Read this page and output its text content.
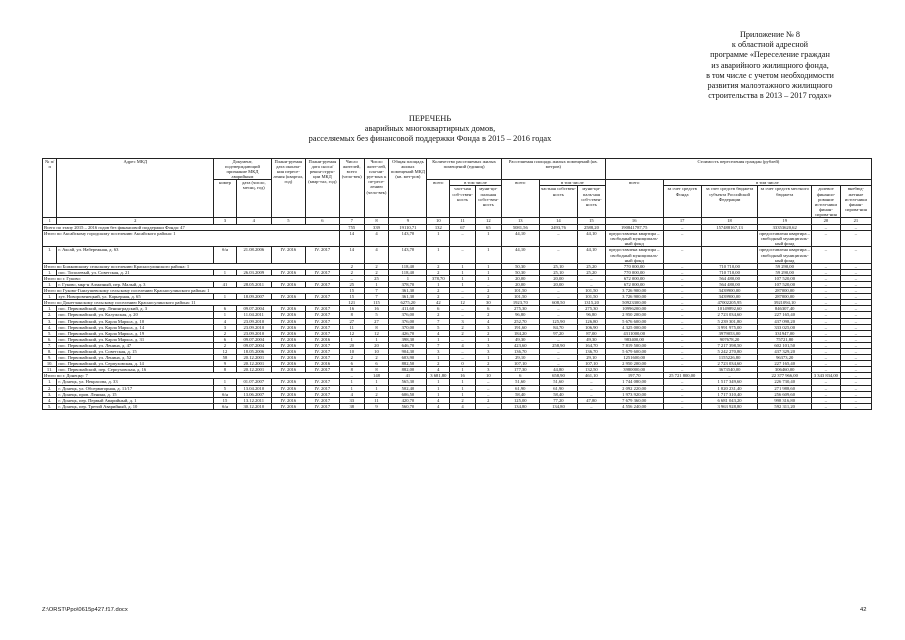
Приложение № 8
к областной адресной
программе «Переселение граждан
из аварийного жилищного фонда,
в том числе с учетом необходимости
развития малоэтажного жилищного
строительства в 2013 – 2017 годах»
ПЕРЕЧЕНЬ
аварийных многоквартирных домов,
расселяемых без финансовой поддержки Фонда в 2015 – 2016 годах
№ п/п	Адрес МКД	Документ, подтверждающий признание МКД аварийным		Плани-руемая дата оконча-ния пересе-ления (квартал, год)	Плани-руемая дата сноса/ рекон-струк-ции МКД (квар-тал, год)	Число жителей, всего (чело-век)	Число жите-лей, пла-ни-руе-мых к пе-ресе-лению (чело-век)	Общая площадь жилых помещений МКД (кв. мет-ров)	Количество расселяемых жилых помещений (единиц)			Расселяемая площадь жилых помещений (кв. метров)			Стоимость переселения граждан (рублей)					
		номер	дата (число, месяц, год)						всего	в том числе		всего	в том числе		всего	в том числе				
										част-ная соб-ствен-ность	муни-ци-пальная собст-вен-ность		частная собствен-ность	муни-ци-паль-ная соб-ствен-ность		за счет средств Фонда	за счет средств бюджета субъекта Российской Федерации	за счет средств местного бюджета	долевое финанси-рование источ-ники финан-сирова-ния	внебюд-жетные источ-ники финан-сирова-ния
1	2	3	4	5	6	7	8	9	10	11	12	13	14	15	16	17	18	19	20	21
Всего по этапу 2015 – 2016 годов без финансовой поддержки Фонда: 47						755	339	19110,71	132	67	65	5081,56	2493,76	2588,20	190841787,75	–	157488167,13	33353620,62	–	–
Итого по Аксайскому городскому поселению Аксайского района: 1						14	4	143,70	1	–	1	44,10	–	44,10	предоставлена квартира – свободный муниципаль-ный фонд	–		предоставлена квартира – свободный муниципаль-ный фонд	–	–
1.	г. Аксай, ул. Набережная, д. 63	б/н	21.08.2006	IV. 2016	IV. 2017	14	4	143,70	1	–	1	44,10	–	44,10	предоставлена квартира – свободный муниципаль-ный фонд	–		предоставлена квартира – свободный муниципаль-ный фонд	–	–
Итого по Божковскому сельскому поселению Красносулинского района: 1						2	2	118,40	2	1	1	50,30	25,10	25,20	770 000,00	–	710 710,00	59 290,00	–	–
1.	пос. Тополевый, ул. Советская, д. 21	1	26.03.2009	IV. 2016	IV. 2017	2	2	118,40	2	1	1	50,30	25,10	25,20	770 000,00	–	710 710,00	59 290,00	–	–
Итого по г. Гуково:						–	25	1	378,70	1	1	20,00	20,00	–	672 000,00	–	564 480,00	107 520,00	–	–
1.	г. Гуково, мкр-н Алмазный, пер. Малый, д. 3	41	28.05.2011	IV. 2016	IV. 2017	25	1	378,70	1	1	–	20,00	20,00	–	672 000,00	–	564 480,00	107 520,00	–	–
Итого по Гуково-Гнилушевскому сельскому поселению Красносулинского района: 1						15	7	361,30	2	–	2	101,50	–	101,50	3 726 900,00	–	3439900,00	287000,00	–	–
1.	хут. Новоровенецкий, ул. Карьерная, д. 65	1	18.09.2007	IV. 2016	IV. 2017	15	7	361,30	2	–	2	101,50	–	101,50	3 726 900,00	–	3439900,00	287000,00	–	–
Итого по Донетчанскому сельскому поселению Красносулинского района: 11						121	115	6275,20	42	12	30	1923,70	608,50	1315,20	50923300,00	–	47002205,95	3921094,10	–	–
1.	пос. Первомайский, пер. Ленинградский, д. 3	6	09.07.2004	IV. 2016	IV. 2017	16	16	411,60	6	–	6	275,30	–	275,30	10996200,00	–	10149892,60	846307,40	–	–
2.	пос. Первомайский, ул. Калужская, д. 20	1	11.04.2011	IV. 2016	IV. 2017	8	5	376,00	2	–	2	96,80	–	96,80	2 950 200,00	–	2 723 034,60	227 165,40	–	–
3.	пос. Первомайский, ул. Карла Маркса, д. 10	4	23.09.2010	IV. 2016	IV. 2017	27	27	376,00	7	3	4	252,70	125,90	126,80	5 676 600,00	–	5 239 301,80	437 098,20	–	–
4.	пос. Первомайский, ул. Карла Маркса, д. 14	3	23.09.2010	IV. 2016	IV. 2017	11	8	370,00	5	2	3	191,60	84,70	106,90	4 325 000,00	–	3 991 975,00	333 025,00	–	–
5.	пос. Первомайский, ул. Карла Маркса, д. 19	2	23.09.2010	IV. 2016	IV. 2017	12	12	426,70	4	2	2	184,20	97,20	87,00	4311000,00	–	3979053,00	331947,00	–	–
6.	пос. Первомайский, ул. Карла Маркса, д. 31	6	09.07.2004	IV. 2016	IV. 2016	1	1	398,30	1	–	1	49,30	–	49,30	983400,00	–	907678,20	75721,80	–	–
7.	пос. Первомайский, ул. Ленина, д. 47	2	09.07.2004	IV. 2016	IV. 2017	20	20	646,70	7	4	3	423,60	258,90	164,70	7 819 500,00	–	7 217 398,50	602 101,50	–	–
8.	пос. Первомайский, ул. Советская, д. 15	12	18.05.2006	IV. 2016	IV. 2017	10	10	904,30	3	–	3	136,70	–	136,70	5 679 600,00	–	5 242 270,80	437 329,20	–	–
9.	пос. Первомайский, ул. Ленина, д. 52	58	20.12.2001	IV. 2016	IV. 2017	2	2	603,90	1	–	1	29,10	–	29,10	1251600,00	–	1155226,80	96373,20	–	–
10.	пос. Первомайский, ул. Серпуховская, д. 14	9	20.12.2001	IV. 2016	IV. 2016	6	6	882,50	2	0	2	107,10	–	107,10	2 950 200,00	–	2 723 034,60	227 165,40	–	–
11.	пос. Первомайский, пер. Серпуховская, д. 16	8	20.12.2001	IV. 2016	IV. 2017	8	8	882,00	4	1	3	177,30	44,80	132,50	3980000,00	–	3673540,00	306460,00	–	–
Итого по г. Донецку: 7						–	148	41	3 681,80	16	10	6	658,90	461,10	197,70	25 721 800,00	–	22 377 966,00	3 343 834,00	–
1.	г. Донецк, ул. Некрасова, д. 33	1	01.07.2007	IV. 2016	IV. 2017	1	1	565,30	1	1	–	51,60	51,60	–	1 744 080,00	–	1 517 349,60	226 730,40	–	–
2.	г. Донецк, ул. Обсерваторная, д. 11/17	5	13.04.2010	IV. 2016	IV. 2017	1	1	502,40	1	1	–	61,90	61,90	–	2 092 220,00	–	1 820 231,40	271 988,60	–	–
3.	г. Донецк, пров. Ленина, д. 15	б/н	13.06.2007	IV. 2016	IV. 2017	4	2	606,50	1	1	–	58,40	58,40	–	1 973 920,00	–	1 717 310,40	256 609,60	–	–
4.	г. Донецк, пер. Первый Аварийный, д. 1	15	13.12.2011	IV. 2016	IV. 2017	33	11	420,70	4	2	2	125,00	77,20	47,80	7 679 360,00	–	6 681 043,20	998 316,80	–	–
5.	г. Донецк, пер. Третий Аварийный, д. 10	б/н	30.12.2010	IV. 2016	IV. 2017	38	9	560,70	4	4	–	134,80	134,80	–	4 556 240,00	–	3 963 928,80	592 311,20	–	–
Z:\ORST\Ppo\0615p427.f17.docx	42
